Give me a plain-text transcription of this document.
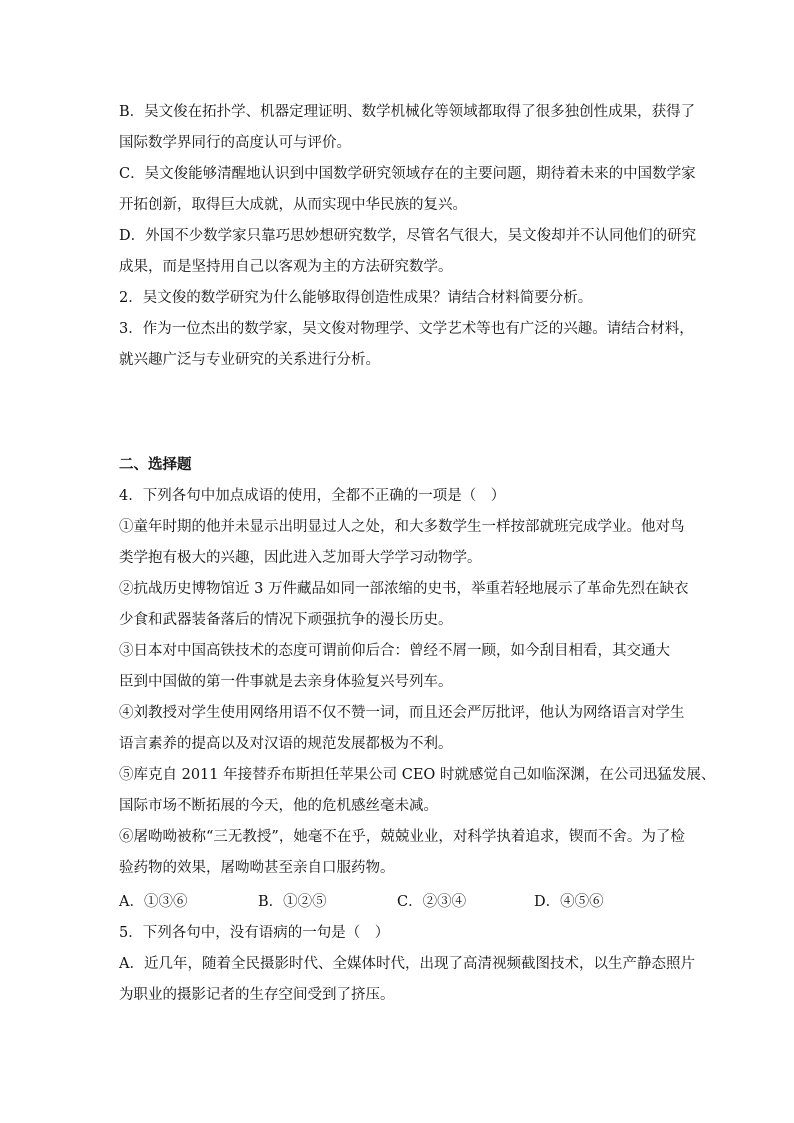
B．吴文俊在拓扑学、机器定理证明、数学机械化等领域都取得了很多独创性成果，获得了
国际数学界同行的高度认可与评价。
C．吴文俊能够清醒地认识到中国数学研究领域存在的主要问题，期待着未来的中国数学家
开拓创新，取得巨大成就，从而实现中华民族的复兴。
D．外国不少数学家只靠巧思妙想研究数学，尽管名气很大，吴文俊却并不认同他们的研究
成果，而是坚持用自己以客观为主的方法研究数学。
2．吴文俊的数学研究为什么能够取得创造性成果？请结合材料简要分析。
3．作为一位杰出的数学家，吴文俊对物理学、文学艺术等也有广泛的兴趣。请结合材料，
就兴趣广泛与专业研究的关系进行分析。
二、选择题
4．下列各句中加点成语的使用，全都不正确的一项是（　）
①童年时期的他并未显示出明显过人之处，和大多数学生一样按部就班完成学业。他对鸟
类学抱有极大的兴趣，因此进入芝加哥大学学习动物学。
②抗战历史博物馆近 3 万件藏品如同一部浓缩的史书，举重若轻地展示了革命先烈在缺衣
少食和武器装备落后的情况下顽强抗争的漫长历史。
③日本对中国高铁技术的态度可谓前仰后合：曾经不屑一顾，如今刮目相看，其交通大
臣到中国做的第一件事就是去亲身体验复兴号列车。
④刘教授对学生使用网络用语不仅不赞一词，而且还会严厉批评，他认为网络语言对学生
语言素养的提高以及对汉语的规范发展都极为不利。
⑤库克自 2011 年接替乔布斯担任苹果公司 CEO 时就感觉自己如临深渊，在公司迅猛发展、
国际市场不断拓展的今天，他的危机感丝毫未减。
⑥屠呦呦被称“三无教授”，她毫不在乎，兢兢业业，对科学执着追求，锲而不舍。为了检
验药物的效果，屠呦呦甚至亲自口服药物。
A．①③⑥	B．①②⑤	C．②③④	D．④⑤⑥
5．下列各句中，没有语病的一句是（　）
A．近几年，随着全民摄影时代、全媒体时代，出现了高清视频截图技术，以生产静态照片
为职业的摄影记者的生存空间受到了挤压。
